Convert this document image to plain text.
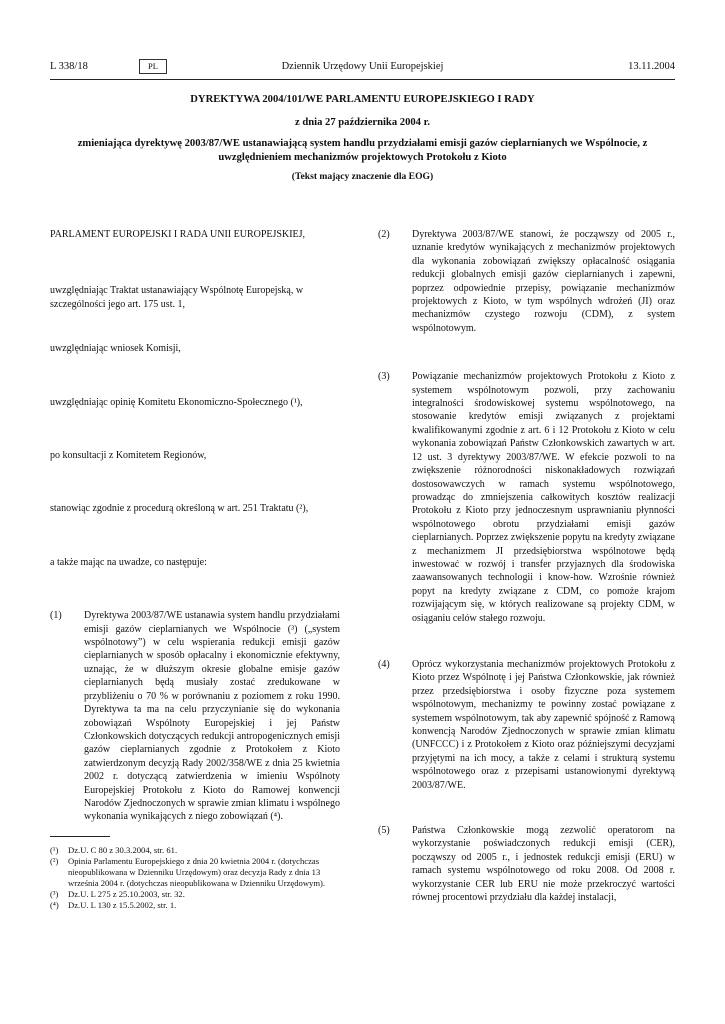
L 338/18	PL	Dziennik Urzędowy Unii Europejskiej	13.11.2004
DYREKTYWA 2004/101/WE PARLAMENTU EUROPEJSKIEGO I RADY
z dnia 27 października 2004 r.
zmieniająca dyrektywę 2003/87/WE ustanawiającą system handlu przydziałami emisji gazów cieplarnianych we Wspólnocie, z uwzględnieniem mechanizmów projektowych Protokołu z Kioto
(Tekst mający znaczenie dla EOG)

PARLAMENT EUROPEJSKI I RADA UNII EUROPEJSKIEJ,

uwzględniając Traktat ustanawiający Wspólnotę Europejską, w szczególności jego art. 175 ust. 1,

uwzględniając wniosek Komisji,

uwzględniając opinię Komitetu Ekonomiczno-Społecznego (¹),

po konsultacji z Komitetem Regionów,

stanowiąc zgodnie z procedurą określoną w art. 251 Traktatu (²),

a także mając na uwadze, co następuje:

(1) Dyrektywa 2003/87/WE ustanawia system handlu przydziałami emisji gazów cieplarnianych we Wspólnocie (³) („system wspólnotowy”) w celu wspierania redukcji emisji gazów cieplarnianych w sposób opłacalny i ekonomicznie efektywny, uznając, że w dłuższym okresie globalne emisje gazów cieplarnianych będą musiały zostać zredukowane w przybliżeniu o 70 % w porównaniu z poziomem z roku 1990. Dyrektywa ta ma na celu przyczynianie się do wykonania zobowiązań Wspólnoty Europejskiej i jej Państw Członkowskich dotyczących redukcji antropogenicznych emisji gazów cieplarnianych zgodnie z Protokołem z Kioto zatwierdzonym decyzją Rady 2002/358/WE z dnia 25 kwietnia 2002 r. dotyczącą zatwierdzenia w imieniu Wspólnoty Europejskiej Protokołu z Kioto do Ramowej konwencji Narodów Zjednoczonych w sprawie zmian klimatu i wspólnego wykonania wynikających z niego zobowiązań (⁴).
(¹) Dz.U. C 80 z 30.3.2004, str. 61.
(²) Opinia Parlamentu Europejskiego z dnia 20 kwietnia 2004 r. (dotychczas nieopublikowana w Dzienniku Urzędowym) oraz decyzja Rady z dnia 13 września 2004 r. (dotychczas nieopublikowana w Dzienniku Urzędowym).
(³) Dz.U. L 275 z 25.10.2003, str. 32.
(⁴) Dz.U. L 130 z 15.5.2002, str. 1.
(2) Dyrektywa 2003/87/WE stanowi, że począwszy od 2005 r., uznanie kredytów wynikających z mechanizmów projektowych dla wykonania zobowiązań zwiększy opłacalność osiągania redukcji globalnych emisji gazów cieplarnianych i zapewni, poprzez odpowiednie przepisy, powiązanie mechanizmów projektowych z Kioto, w tym wspólnych wdrożeń (JI) oraz mechanizmów czystego rozwoju (CDM), z system wspólnotowym.
(3) Powiązanie mechanizmów projektowych Protokołu z Kioto z systemem wspólnotowym pozwoli, przy zachowaniu integralności środowiskowej systemu wspólnotowego, na stosowanie kredytów emisji związanych z projektami kwalifikowanymi zgodnie z art. 6 i 12 Protokołu z Kioto w celu wykonania zobowiązań Państw Członkowskich zawartych w art. 12 ust. 3 dyrektywy 2003/87/WE. W efekcie pozwoli to na zwiększenie różnorodności niskonakładowych rozwiązań dostosowawczych w ramach systemu wspólnotowego, prowadząc do zmniejszenia całkowitych kosztów realizacji Protokołu z Kioto przy jednoczesnym usprawnianiu płynności wspólnotowego obrotu przydziałami emisji gazów cieplarnianych. Poprzez zwiększenie popytu na kredyty związane z mechanizmem JI przedsiębiorstwa wspólnotowe będą inwestować w rozwój i transfer przyjaznych dla środowiska zaawansowanych technologii i know-how. Wzrośnie również popyt na kredyty związane z CDM, co pomoże krajom rozwijającym się, w których realizowane są projekty CDM, w osiąganiu celów stałego rozwoju.
(4) Oprócz wykorzystania mechanizmów projektowych Protokołu z Kioto przez Wspólnotę i jej Państwa Członkowskie, jak również przez przedsiębiorstwa i osoby fizyczne poza systemem wspólnotowym, mechanizmy te powinny zostać powiązane z systemem wspólnotowym, tak aby zapewnić spójność z Ramową konwencją Narodów Zjednoczonych w sprawie zmian klimatu (UNFCCC) i z Protokołem z Kioto oraz późniejszymi decyzjami przyjętymi na ich mocy, a także z celami i strukturą systemu wspólnotowego oraz z przepisami ustanowionymi dyrektywą 2003/87/WE.
(5) Państwa Członkowskie mogą zezwolić operatorom na wykorzystanie poświadczonych redukcji emisji (CER), począwszy od 2005 r., i jednostek redukcji emisji (ERU) w ramach systemu wspólnotowego od roku 2008. Od 2008 r. wykorzystanie CER lub ERU nie może przekroczyć wartości równej procentowi przydziału dla każdej instalacji,
